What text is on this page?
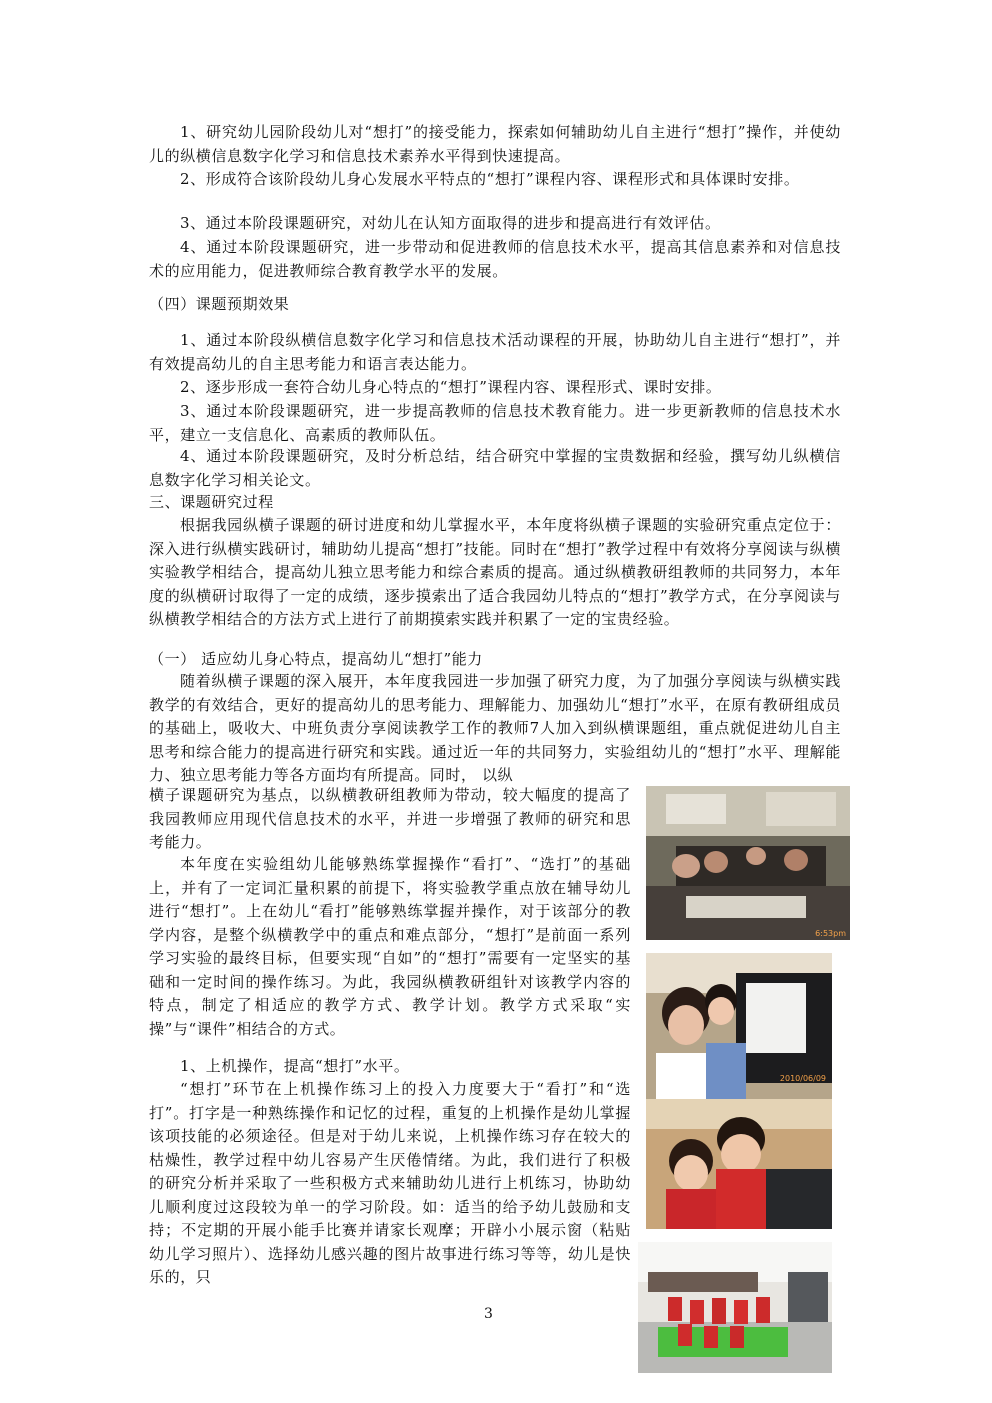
1、研究幼儿园阶段幼儿对“想打”的接受能力，探索如何辅助幼儿自主进行“想打”操作，并使幼儿的纵横信息数字化学习和信息技术素养水平得到快速提高。

2、形成符合该阶段幼儿身心发展水平特点的“想打”课程内容、课程形式和具体课时安排。

3、通过本阶段课题研究，对幼儿在认知方面取得的进步和提高进行有效评估。

4、通过本阶段课题研究，进一步带动和促进教师的信息技术水平，提高其信息素养和对信息技术的应用能力，促进教师综合教育教学水平的发展。

（四）课题预期效果

1、通过本阶段纵横信息数字化学习和信息技术活动课程的开展，协助幼儿自主进行“想打”，并有效提高幼儿的自主思考能力和语言表达能力。

2、逐步形成一套符合幼儿身心特点的“想打”课程内容、课程形式、课时安排。

3、通过本阶段课题研究，进一步提高教师的信息技术教育能力。进一步更新教师的信息技术水平，建立一支信息化、高素质的教师队伍。

4、通过本阶段课题研究，及时分析总结，结合研究中掌握的宝贵数据和经验，撰写幼儿纵横信息数字化学习相关论文。

三、课题研究过程

根据我园纵横子课题的研讨进度和幼儿掌握水平，本年度将纵横子课题的实验研究重点定位于：深入进行纵横实践研讨，辅助幼儿提高“想打”技能。同时在“想打”教学过程中有效将分享阅读与纵横实验教学相结合，提高幼儿独立思考能力和综合素质的提高。通过纵横教研组教师的共同努力，本年度的纵横研讨取得了一定的成绩，逐步摸索出了适合我园幼儿特点的“想打”教学方式，在分享阅读与纵横教学相结合的方法方式上进行了前期摸索实践并积累了一定的宝贵经验。

（一） 适应幼儿身心特点，提高幼儿“想打”能力

随着纵横子课题的深入展开，本年度我园进一步加强了研究力度，为了加强分享阅读与纵横实践教学的有效结合，更好的提高幼儿的思考能力、理解能力、加强幼儿“想打”水平，在原有教研组成员的基础上，吸收大、中班负责分享阅读教学工作的教师7人加入到纵横课题组，重点就促进幼儿自主思考和综合能力的提高进行研究和实践。通过近一年的共同努力，实验组幼儿的“想打”水平、理解能力、独立思考能力等各方面均有所提高。同时， 以纵

横子课题研究为基点，以纵横教研组教师为带动，较大幅度的提高了我园教师应用现代信息技术的水平，并进一步增强了教师的研究和思考能力。

本年度在实验组幼儿能够熟练掌握操作“看打”、“选打”的基础上，并有了一定词汇量积累的前提下，将实验教学重点放在辅导幼儿进行“想打”。上在幼儿“看打”能够熟练掌握并操作，对于该部分的教学内容，是整个纵横教学中的重点和难点部分，“想打”是前面一系列学习实验的最终目标，但要实现“自如”的“想打”需要有一定坚实的基础和一定时间的操作练习。为此，我园纵横教研组针对该教学内容的特点，制定了相适应的教学方式、教学计划。教学方式采取“实操”与“课件”相结合的方式。

1、上机操作，提高“想打”水平。

“想打”环节在上机操作练习上的投入力度要大于“看打”和“选打”。打字是一种熟练操作和记忆的过程，重复的上机操作是幼儿掌握该项技能的必须途径。但是对于幼儿来说，上机操作练习存在较大的枯燥性，教学过程中幼儿容易产生厌倦情绪。为此，我们进行了积极的研究分析并采取了一些积极方式来辅助幼儿进行上机练习，协助幼儿顺利度过这段较为单一的学习阶段。如：适当的给予幼儿鼓励和支持；不定期的开展小能手比赛并请家长观摩；开辟小小展示窗（粘贴幼儿学习照片）、选择幼儿感兴趣的图片故事进行练习等等，幼儿是快乐的，只

6:53pm
2010/06/09
3
